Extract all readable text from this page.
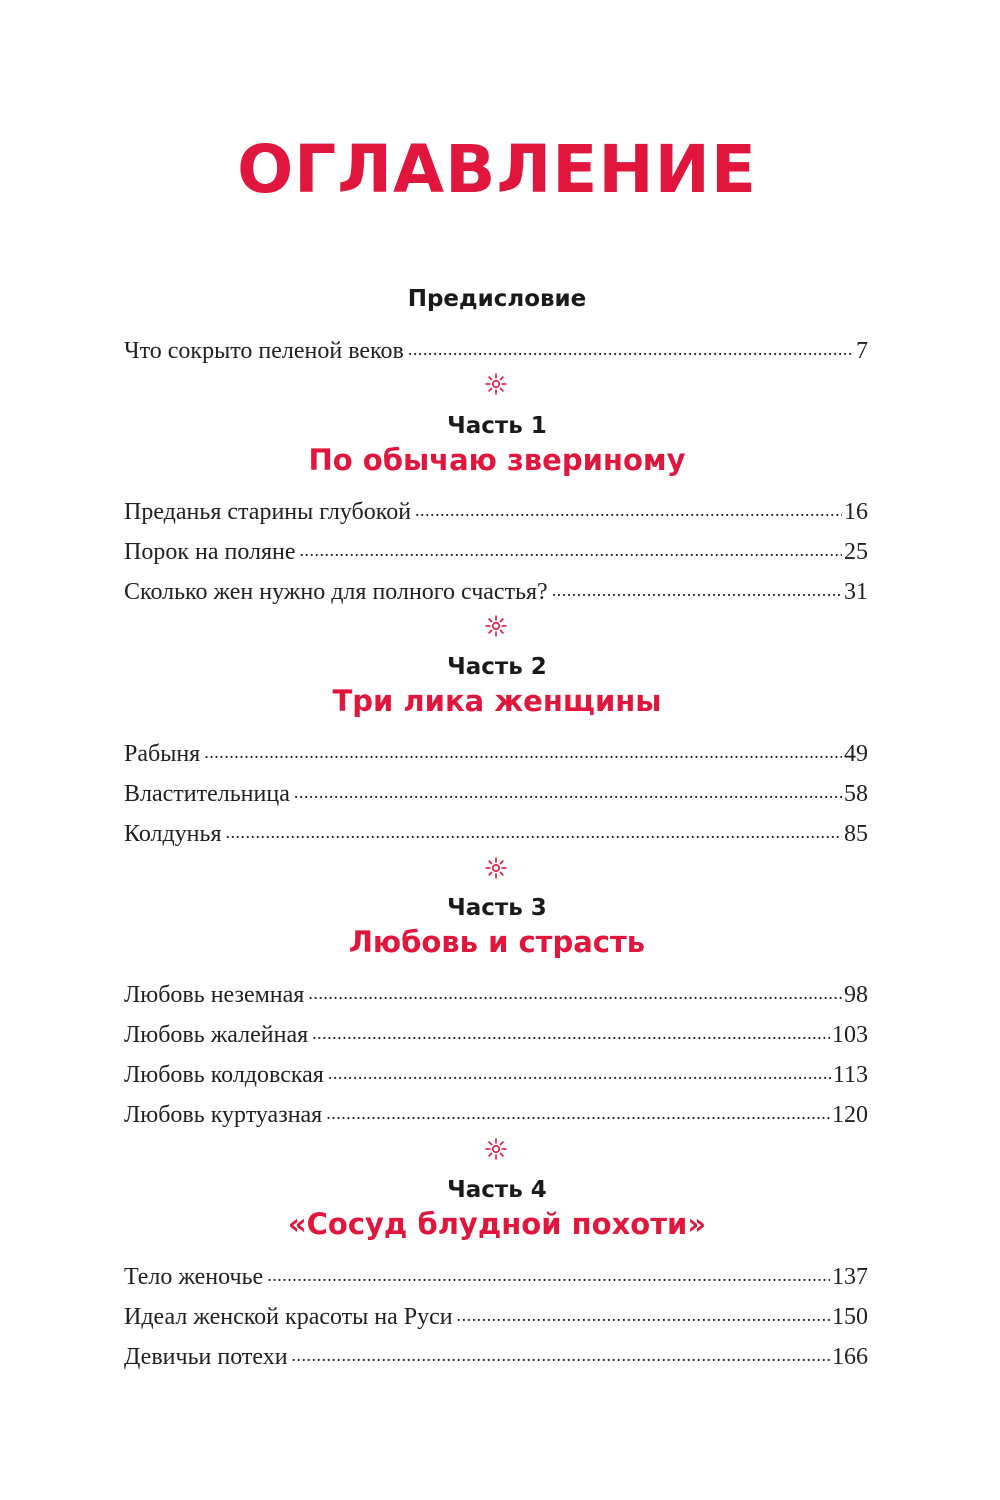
ОГЛАВЛЕНИЕ
Предисловие
Что сокрыто пеленой веков .....	7
Часть 1
По обычаю звериному
Преданья старины глубокой .....	16
Порок на поляне .....	25
Сколько жен нужно для полного счастья? .....	31
Часть 2
Три лика женщины
Рабыня .....	49
Властительница .....	58
Колдунья .....	85
Часть 3
Любовь и страсть
Любовь неземная .....	98
Любовь жалейная .....	103
Любовь колдовская .....	113
Любовь куртуазная .....	120
Часть 4
«Сосуд блудной похоти»
Тело женочье .....	137
Идеал женской красоты на Руси .....	150
Девичьи потехи .....	166
